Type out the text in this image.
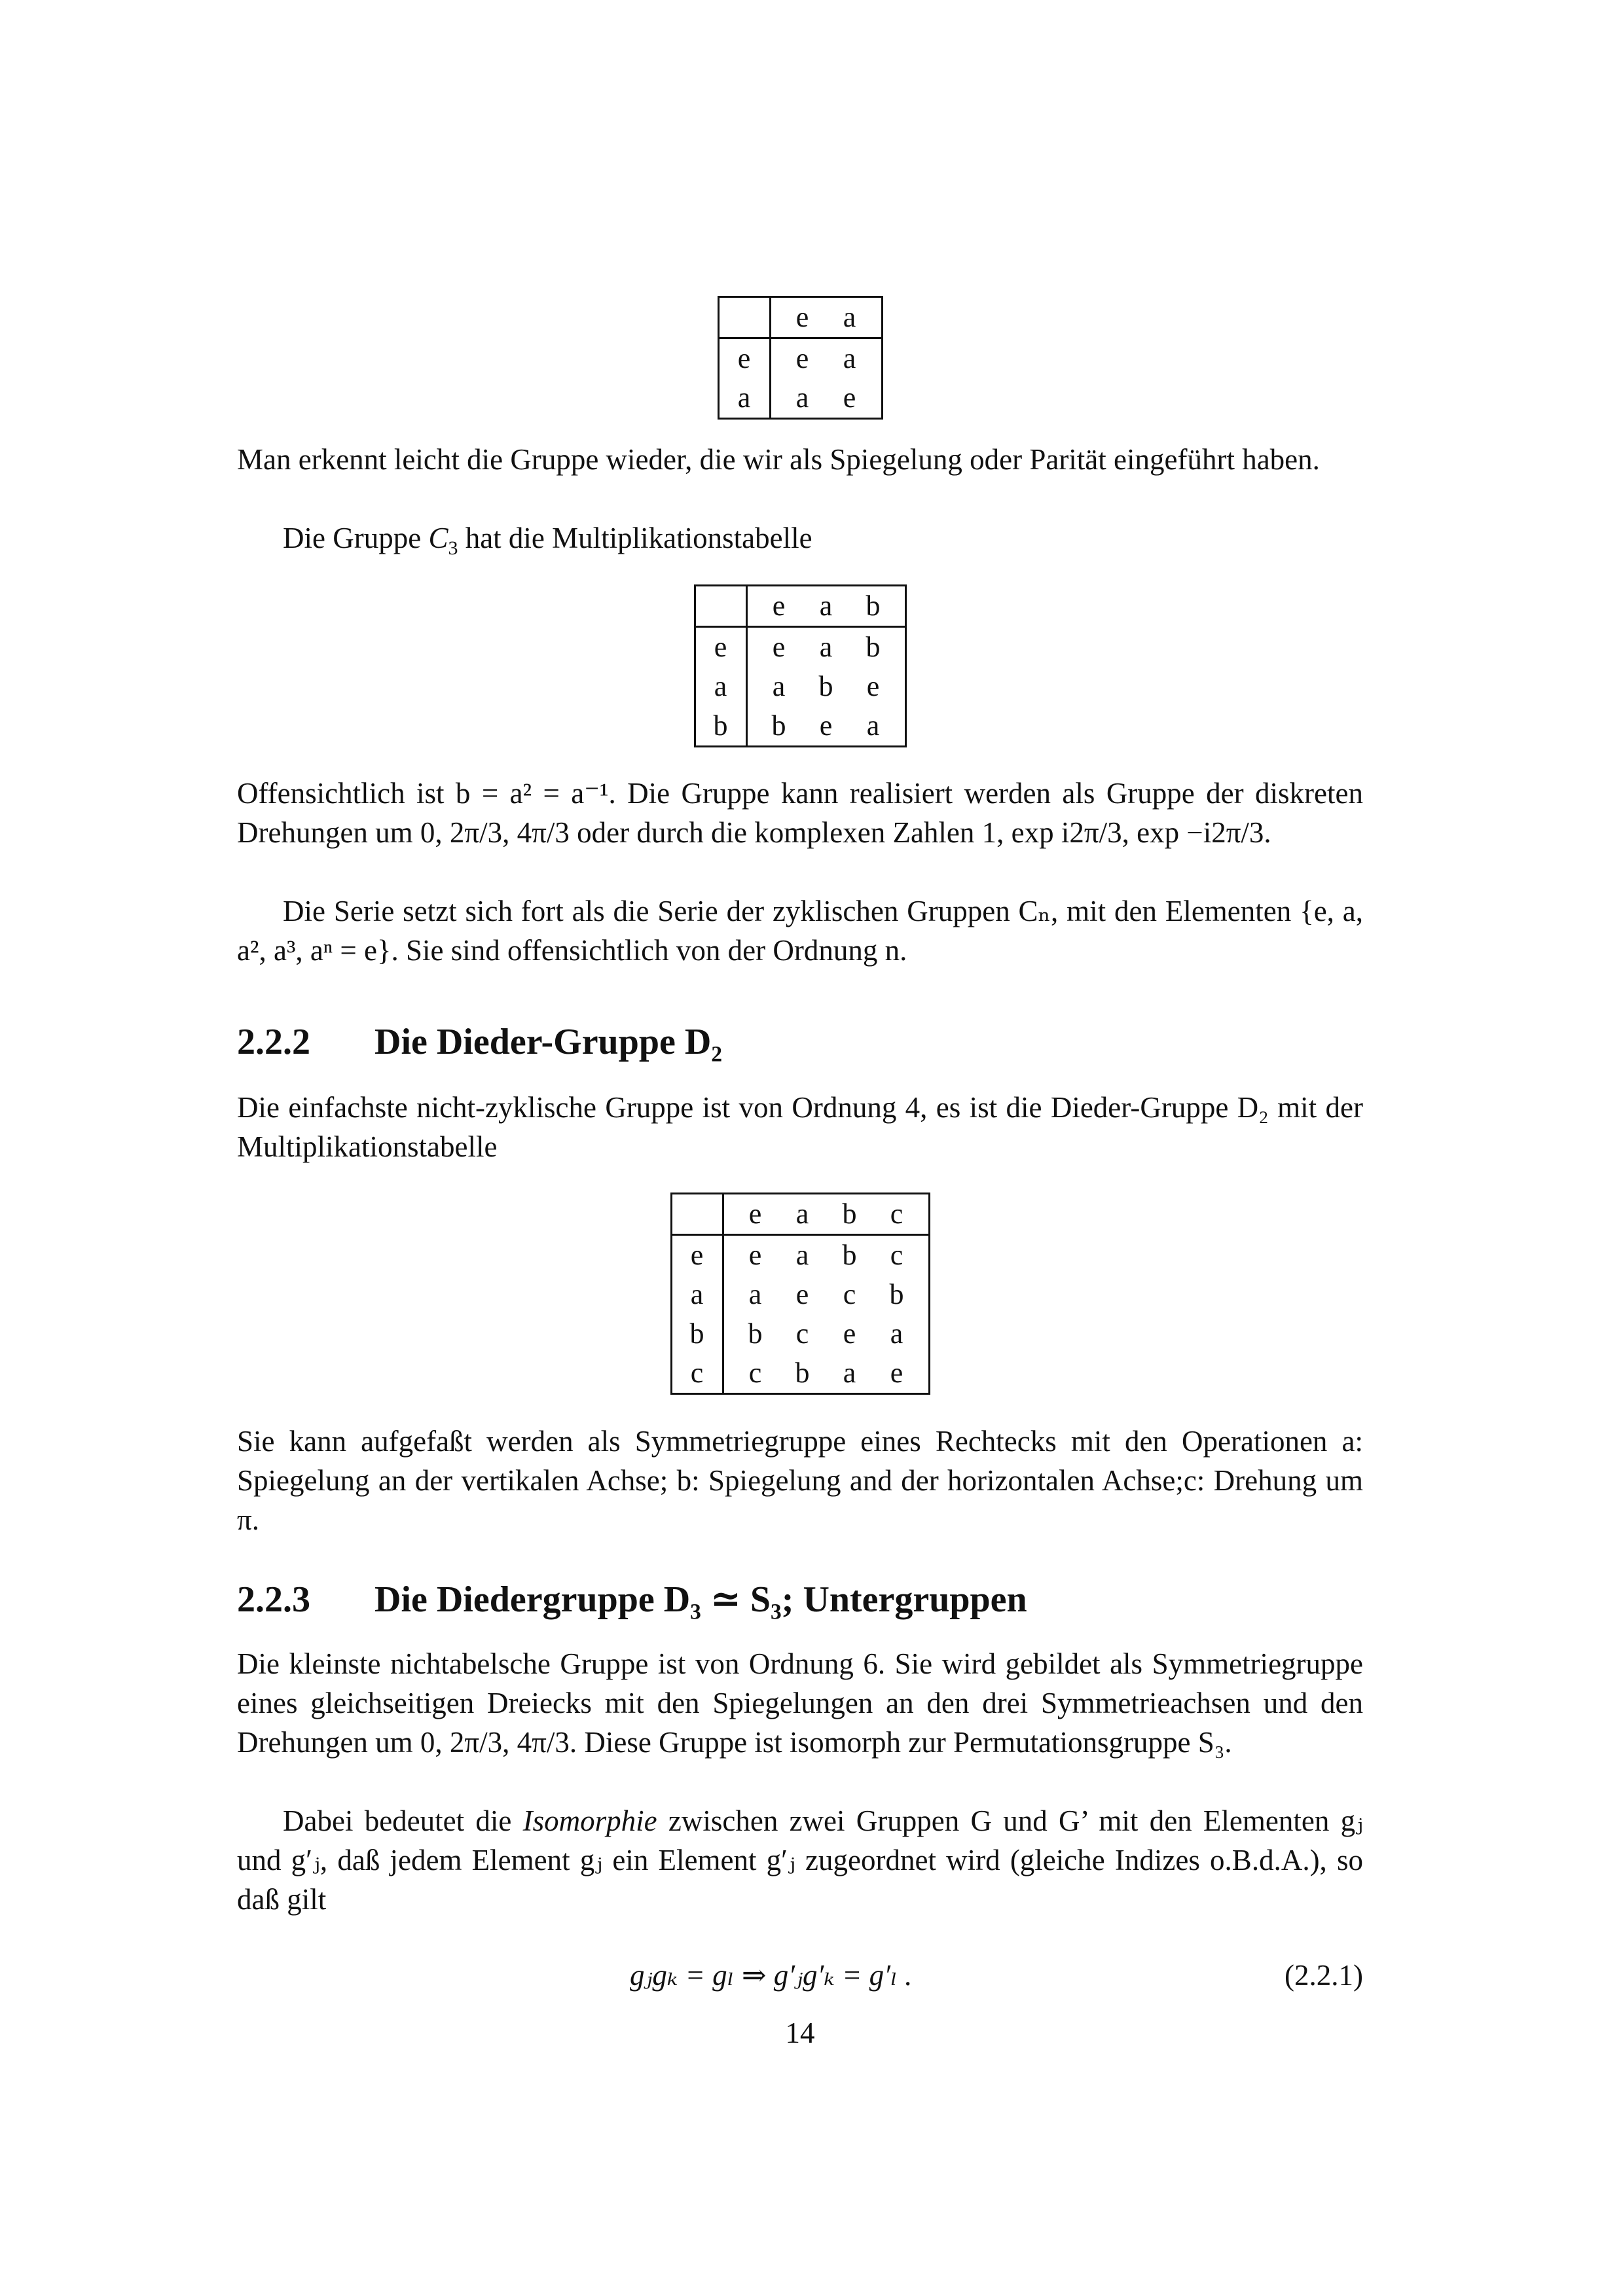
	e	a
e	e	a
a	a	e

Man erkennt leicht die Gruppe wieder, die wir als Spiegelung oder Parität eingeführt haben.

Die Gruppe $C_3$ hat die Multiplikationstabelle

	e	a	b
e	e	a	b
a	a	b	e
b	b	e	a

Offensichtlich ist b = a² = a⁻¹. Die Gruppe kann realisiert werden als Gruppe der diskreten Drehungen um 0, 2π/3, 4π/3 oder durch die komplexen Zahlen 1, exp i2π/3, exp −i2π/3.

Die Serie setzt sich fort als die Serie der zyklischen Gruppen Cₙ, mit den Elementen {e, a, a², a³, aⁿ = e}. Sie sind offensichtlich von der Ordnung n.

2.2.2 Die Dieder-Gruppe D₂

Die einfachste nicht-zyklische Gruppe ist von Ordnung 4, es ist die Dieder-Gruppe D₂ mit der Multiplikationstabelle

	e	a	b	c
e	e	a	b	c
a	a	e	c	b
b	b	c	e	a
c	c	b	a	e

Sie kann aufgefaßt werden als Symmetriegruppe eines Rechtecks mit den Operationen a: Spiegelung an der vertikalen Achse; b: Spiegelung and der horizontalen Achse;c: Drehung um π.

2.2.3 Die Diedergruppe D₃ ≃ S₃; Untergruppen

Die kleinste nichtabelsche Gruppe ist von Ordnung 6. Sie wird gebildet als Symmetriegruppe eines gleichseitigen Dreiecks mit den Spiegelungen an den drei Symmetrieachsen und den Drehungen um 0, 2π/3, 4π/3. Diese Gruppe ist isomorph zur Permutationsgruppe S₃.

Dabei bedeutet die Isomorphie zwischen zwei Gruppen G und G’ mit den Elementen gⱼ und g′ⱼ, daß jedem Element gⱼ ein Element g′ⱼ zugeordnet wird (gleiche Indizes o.B.d.A.), so daß gilt

gⱼgₖ = gₗ ⇒ g′ⱼg′ₖ = g′ₗ .	(2.2.1)
14
